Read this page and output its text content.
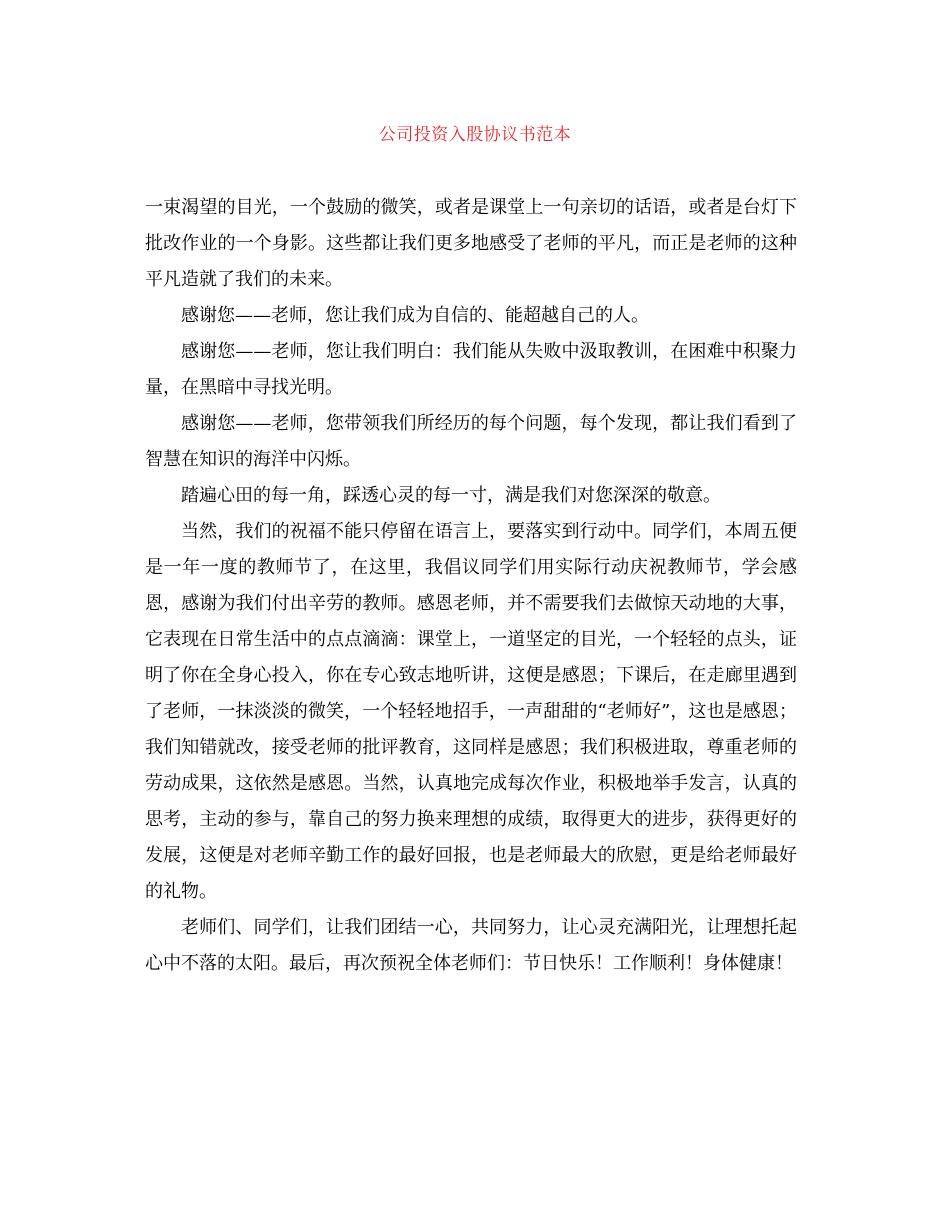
公司投资入股协议书范本

一束渴望的目光，一个鼓励的微笑，或者是课堂上一句亲切的话语，或者是台灯下批改作业的一个身影。这些都让我们更多地感受了老师的平凡，而正是老师的这种平凡造就了我们的未来。

感谢您——老师，您让我们成为自信的、能超越自己的人。

感谢您——老师，您让我们明白：我们能从失败中汲取教训，在困难中积聚力量，在黑暗中寻找光明。

感谢您——老师，您带领我们所经历的每个问题，每个发现，都让我们看到了智慧在知识的海洋中闪烁。

踏遍心田的每一角，踩透心灵的每一寸，满是我们对您深深的敬意。

当然，我们的祝福不能只停留在语言上，要落实到行动中。同学们，本周五便是一年一度的教师节了，在这里，我倡议同学们用实际行动庆祝教师节，学会感恩，感谢为我们付出辛劳的教师。感恩老师，并不需要我们去做惊天动地的大事，它表现在日常生活中的点点滴滴：课堂上，一道坚定的目光，一个轻轻的点头，证明了你在全身心投入，你在专心致志地听讲，这便是感恩；下课后，在走廊里遇到了老师，一抹淡淡的微笑，一个轻轻地招手，一声甜甜的“老师好”，这也是感恩；我们知错就改，接受老师的批评教育，这同样是感恩；我们积极进取，尊重老师的劳动成果，这依然是感恩。当然，认真地完成每次作业，积极地举手发言，认真的思考，主动的参与，靠自己的努力换来理想的成绩，取得更大的进步，获得更好的发展，这便是对老师辛勤工作的最好回报，也是老师最大的欣慰，更是给老师最好的礼物。

老师们、同学们，让我们团结一心，共同努力，让心灵充满阳光，让理想托起心中不落的太阳。最后，再次预祝全体老师们：节日快乐！工作顺利！身体健康！
